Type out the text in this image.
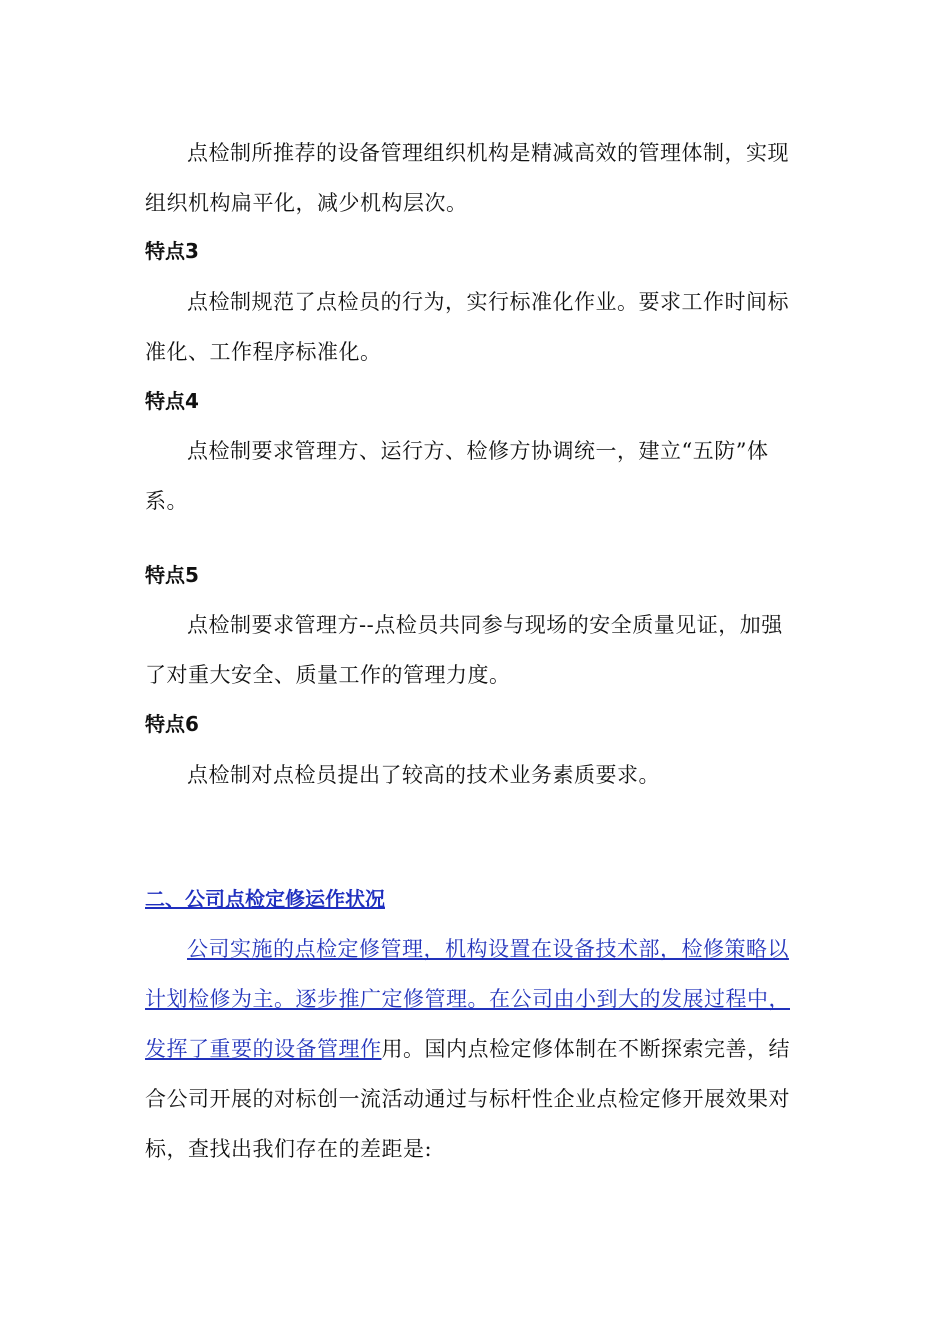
点检制所推荐的设备管理组织机构是精减高效的管理体制，实现组织机构扁平化，减少机构层次。

特点3

点检制规范了点检员的行为，实行标准化作业。要求工作时间标准化、工作程序标准化。

特点4

点检制要求管理方、运行方、检修方协调统一，建立“五防”体系。

特点5

点检制要求管理方--点检员共同参与现场的安全质量见证，加强了对重大安全、质量工作的管理力度。

特点6

点检制对点检员提出了较高的技术业务素质要求。

二、公司点检定修运作状况

公司实施的点检定修管理，机构设置在设备技术部，检修策略以计划检修为主。逐步推广定修管理。在公司由小到大的发展过程中，发挥了重要的设备管理作用。国内点检定修体制在不断探索完善，结合公司开展的对标创一流活动通过与标杆性企业点检定修开展效果对标，查找出我们存在的差距是:
